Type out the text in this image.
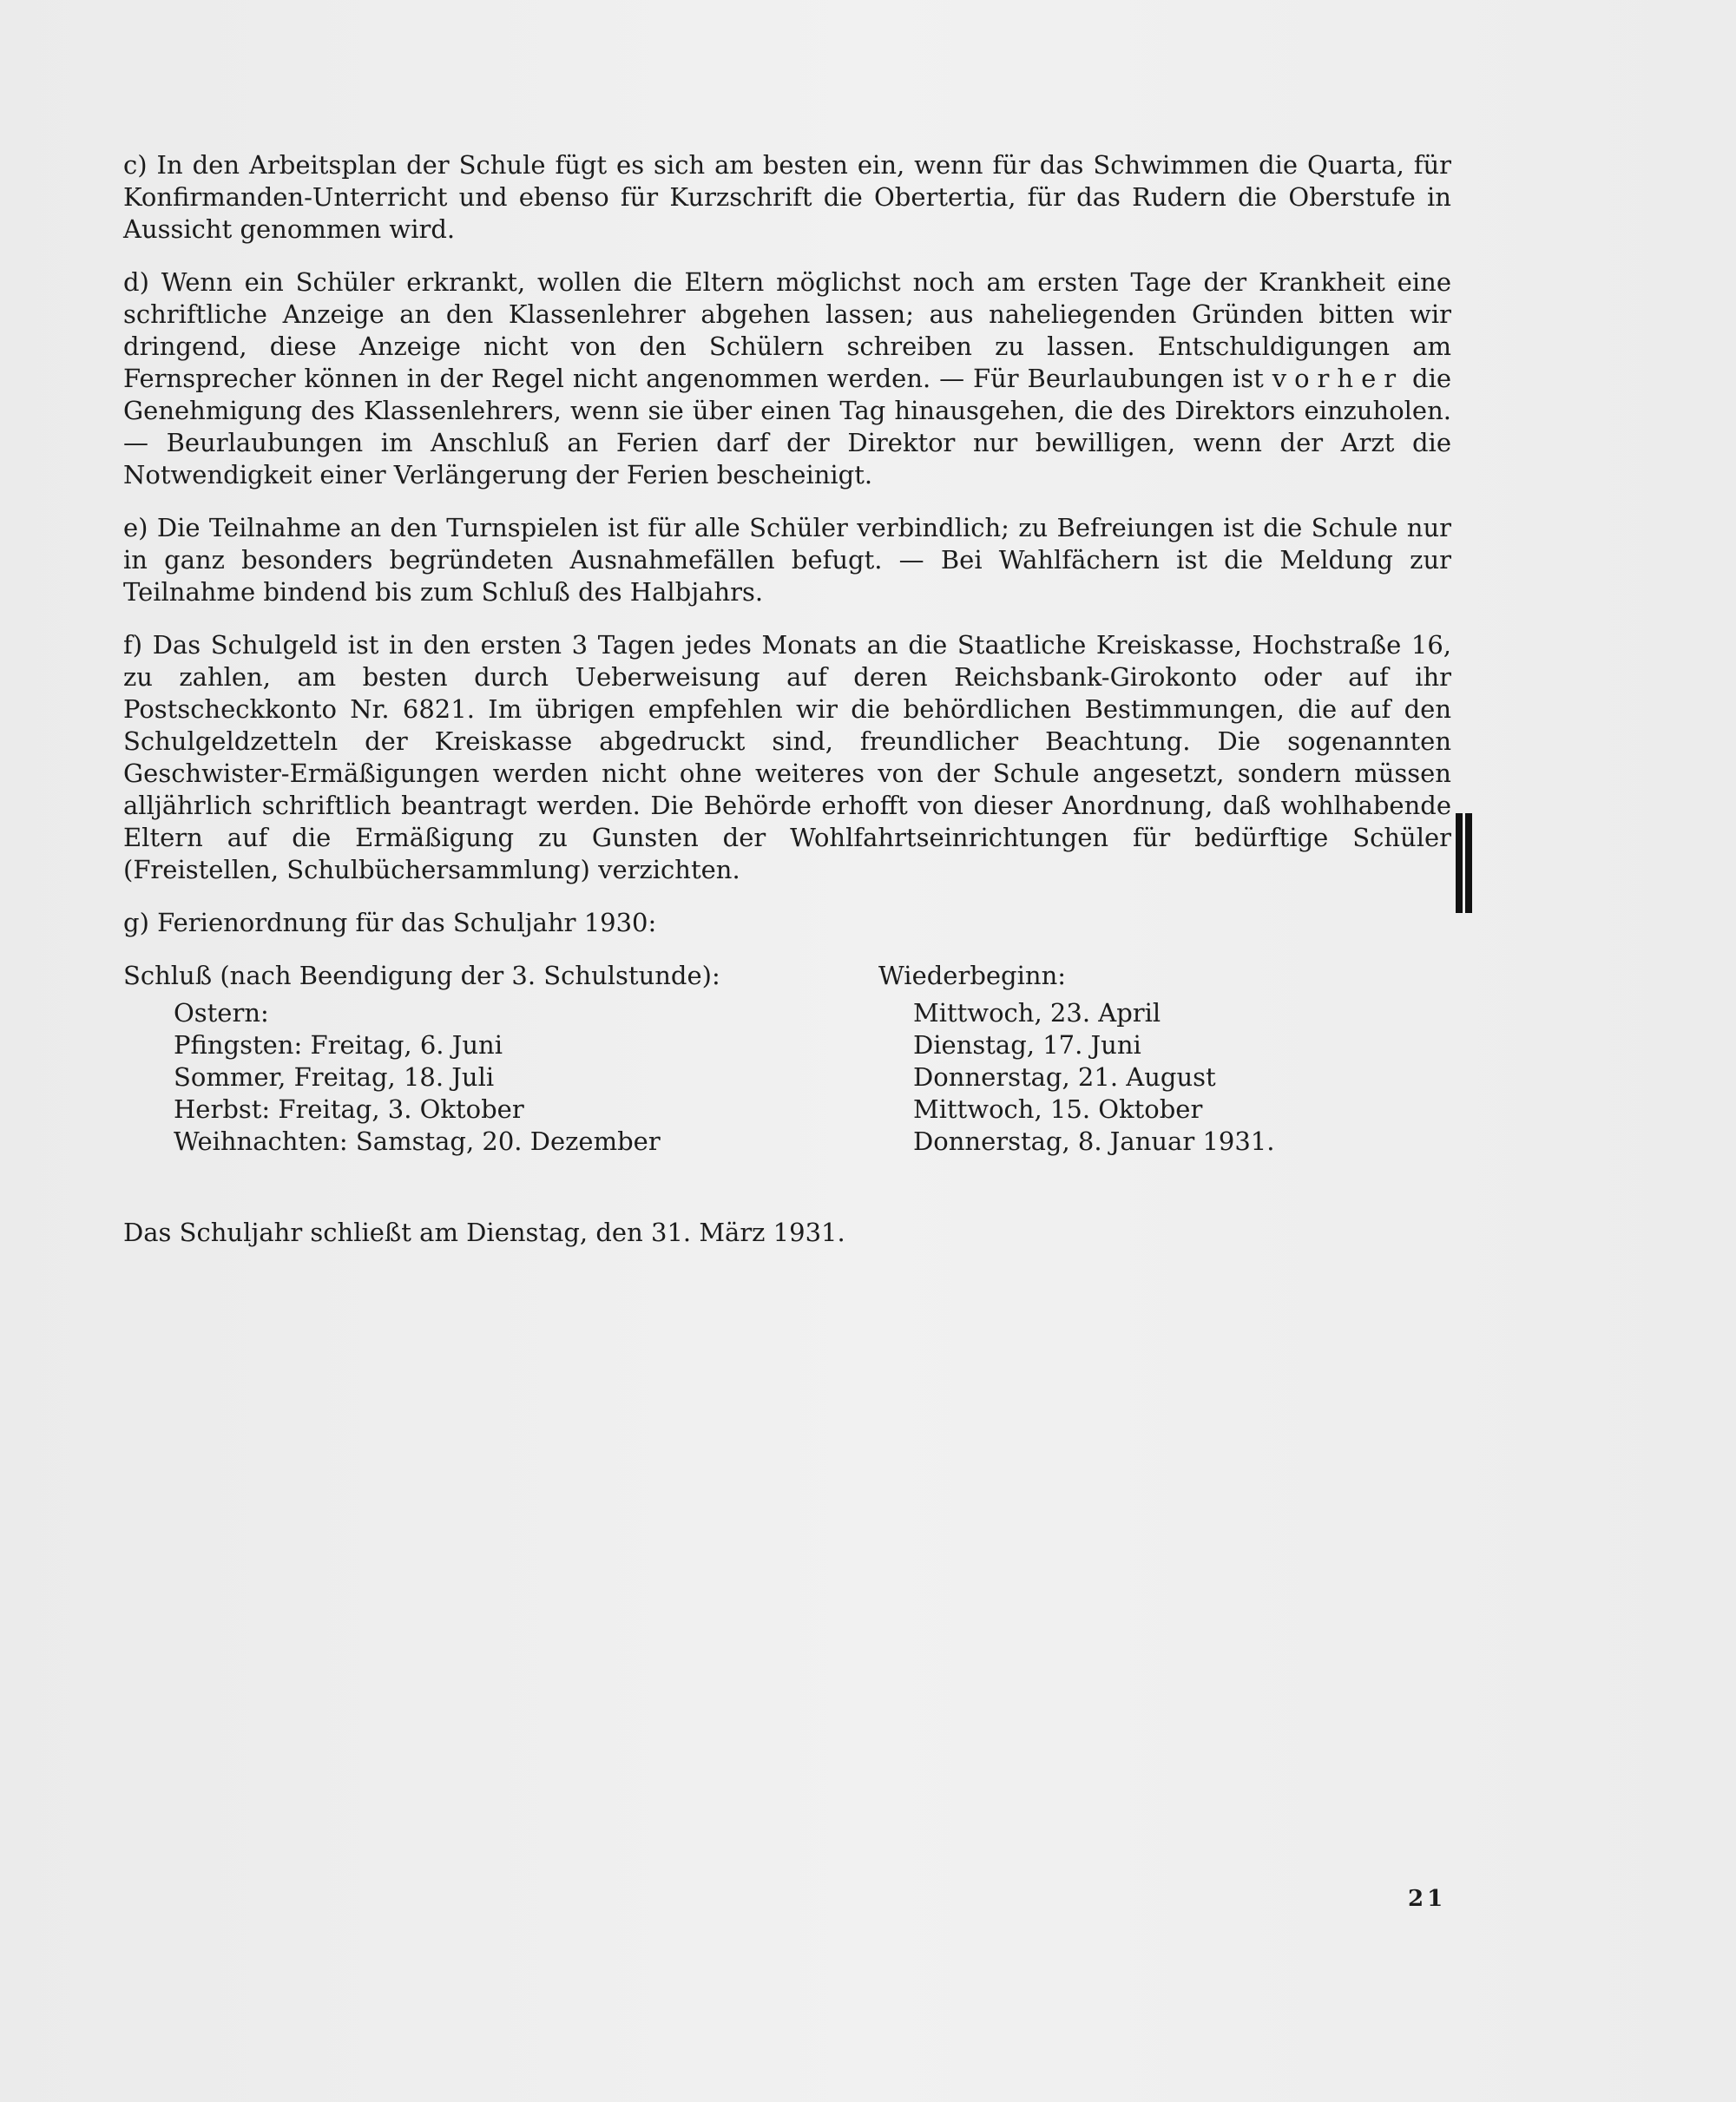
c) In den Arbeitsplan der Schule fügt es sich am besten ein, wenn für das Schwimmen die Quarta, für Konfirmanden-Unterricht und ebenso für Kurzschrift die Obertertia, für das Rudern die Oberstufe in Aussicht genommen wird.

d) Wenn ein Schüler erkrankt, wollen die Eltern möglichst noch am ersten Tage der Krankheit eine schriftliche Anzeige an den Klassenlehrer abgehen lassen; aus naheliegenden Gründen bitten wir dringend, diese Anzeige nicht von den Schülern schreiben zu lassen. Entschuldigungen am Fernsprecher können in der Regel nicht angenommen werden. — Für Beurlaubungen ist vorher die Genehmigung des Klassenlehrers, wenn sie über einen Tag hinausgehen, die des Direktors einzuholen. — Beurlaubungen im Anschluß an Ferien darf der Direktor nur bewilligen, wenn der Arzt die Notwendigkeit einer Verlängerung der Ferien bescheinigt.

e) Die Teilnahme an den Turnspielen ist für alle Schüler verbindlich; zu Befreiungen ist die Schule nur in ganz besonders begründeten Ausnahmefällen befugt. — Bei Wahlfächern ist die Meldung zur Teilnahme bindend bis zum Schluß des Halbjahrs.

f) Das Schulgeld ist in den ersten 3 Tagen jedes Monats an die Staatliche Kreiskasse, Hochstraße 16, zu zahlen, am besten durch Ueberweisung auf deren Reichsbank-Girokonto oder auf ihr Postscheckkonto Nr. 6821. Im übrigen empfehlen wir die behördlichen Bestimmungen, die auf den Schulgeldzetteln der Kreiskasse abgedruckt sind, freundlicher Beachtung. Die sogenannten Geschwister-Ermäßigungen werden nicht ohne weiteres von der Schule angesetzt, sondern müssen alljährlich schriftlich beantragt werden. Die Behörde erhofft von dieser Anordnung, daß wohlhabende Eltern auf die Ermäßigung zu Gunsten der Wohlfahrtseinrichtungen für bedürftige Schüler (Freistellen, Schulbüchersammlung) verzichten.

g) Ferienordnung für das Schuljahr 1930:

Schluß (nach Beendigung der 3. Schulstunde):

Ostern:

Pfingsten: Freitag, 6. Juni

Sommer, Freitag, 18. Juli

Herbst: Freitag, 3. Oktober

Weihnachten: Samstag, 20. Dezember

Wiederbeginn:

Mittwoch, 23. April

Dienstag, 17. Juni

Donnerstag, 21. August

Mittwoch, 15. Oktober

Donnerstag, 8. Januar 1931.

Das Schuljahr schließt am Dienstag, den 31. März 1931.

21
